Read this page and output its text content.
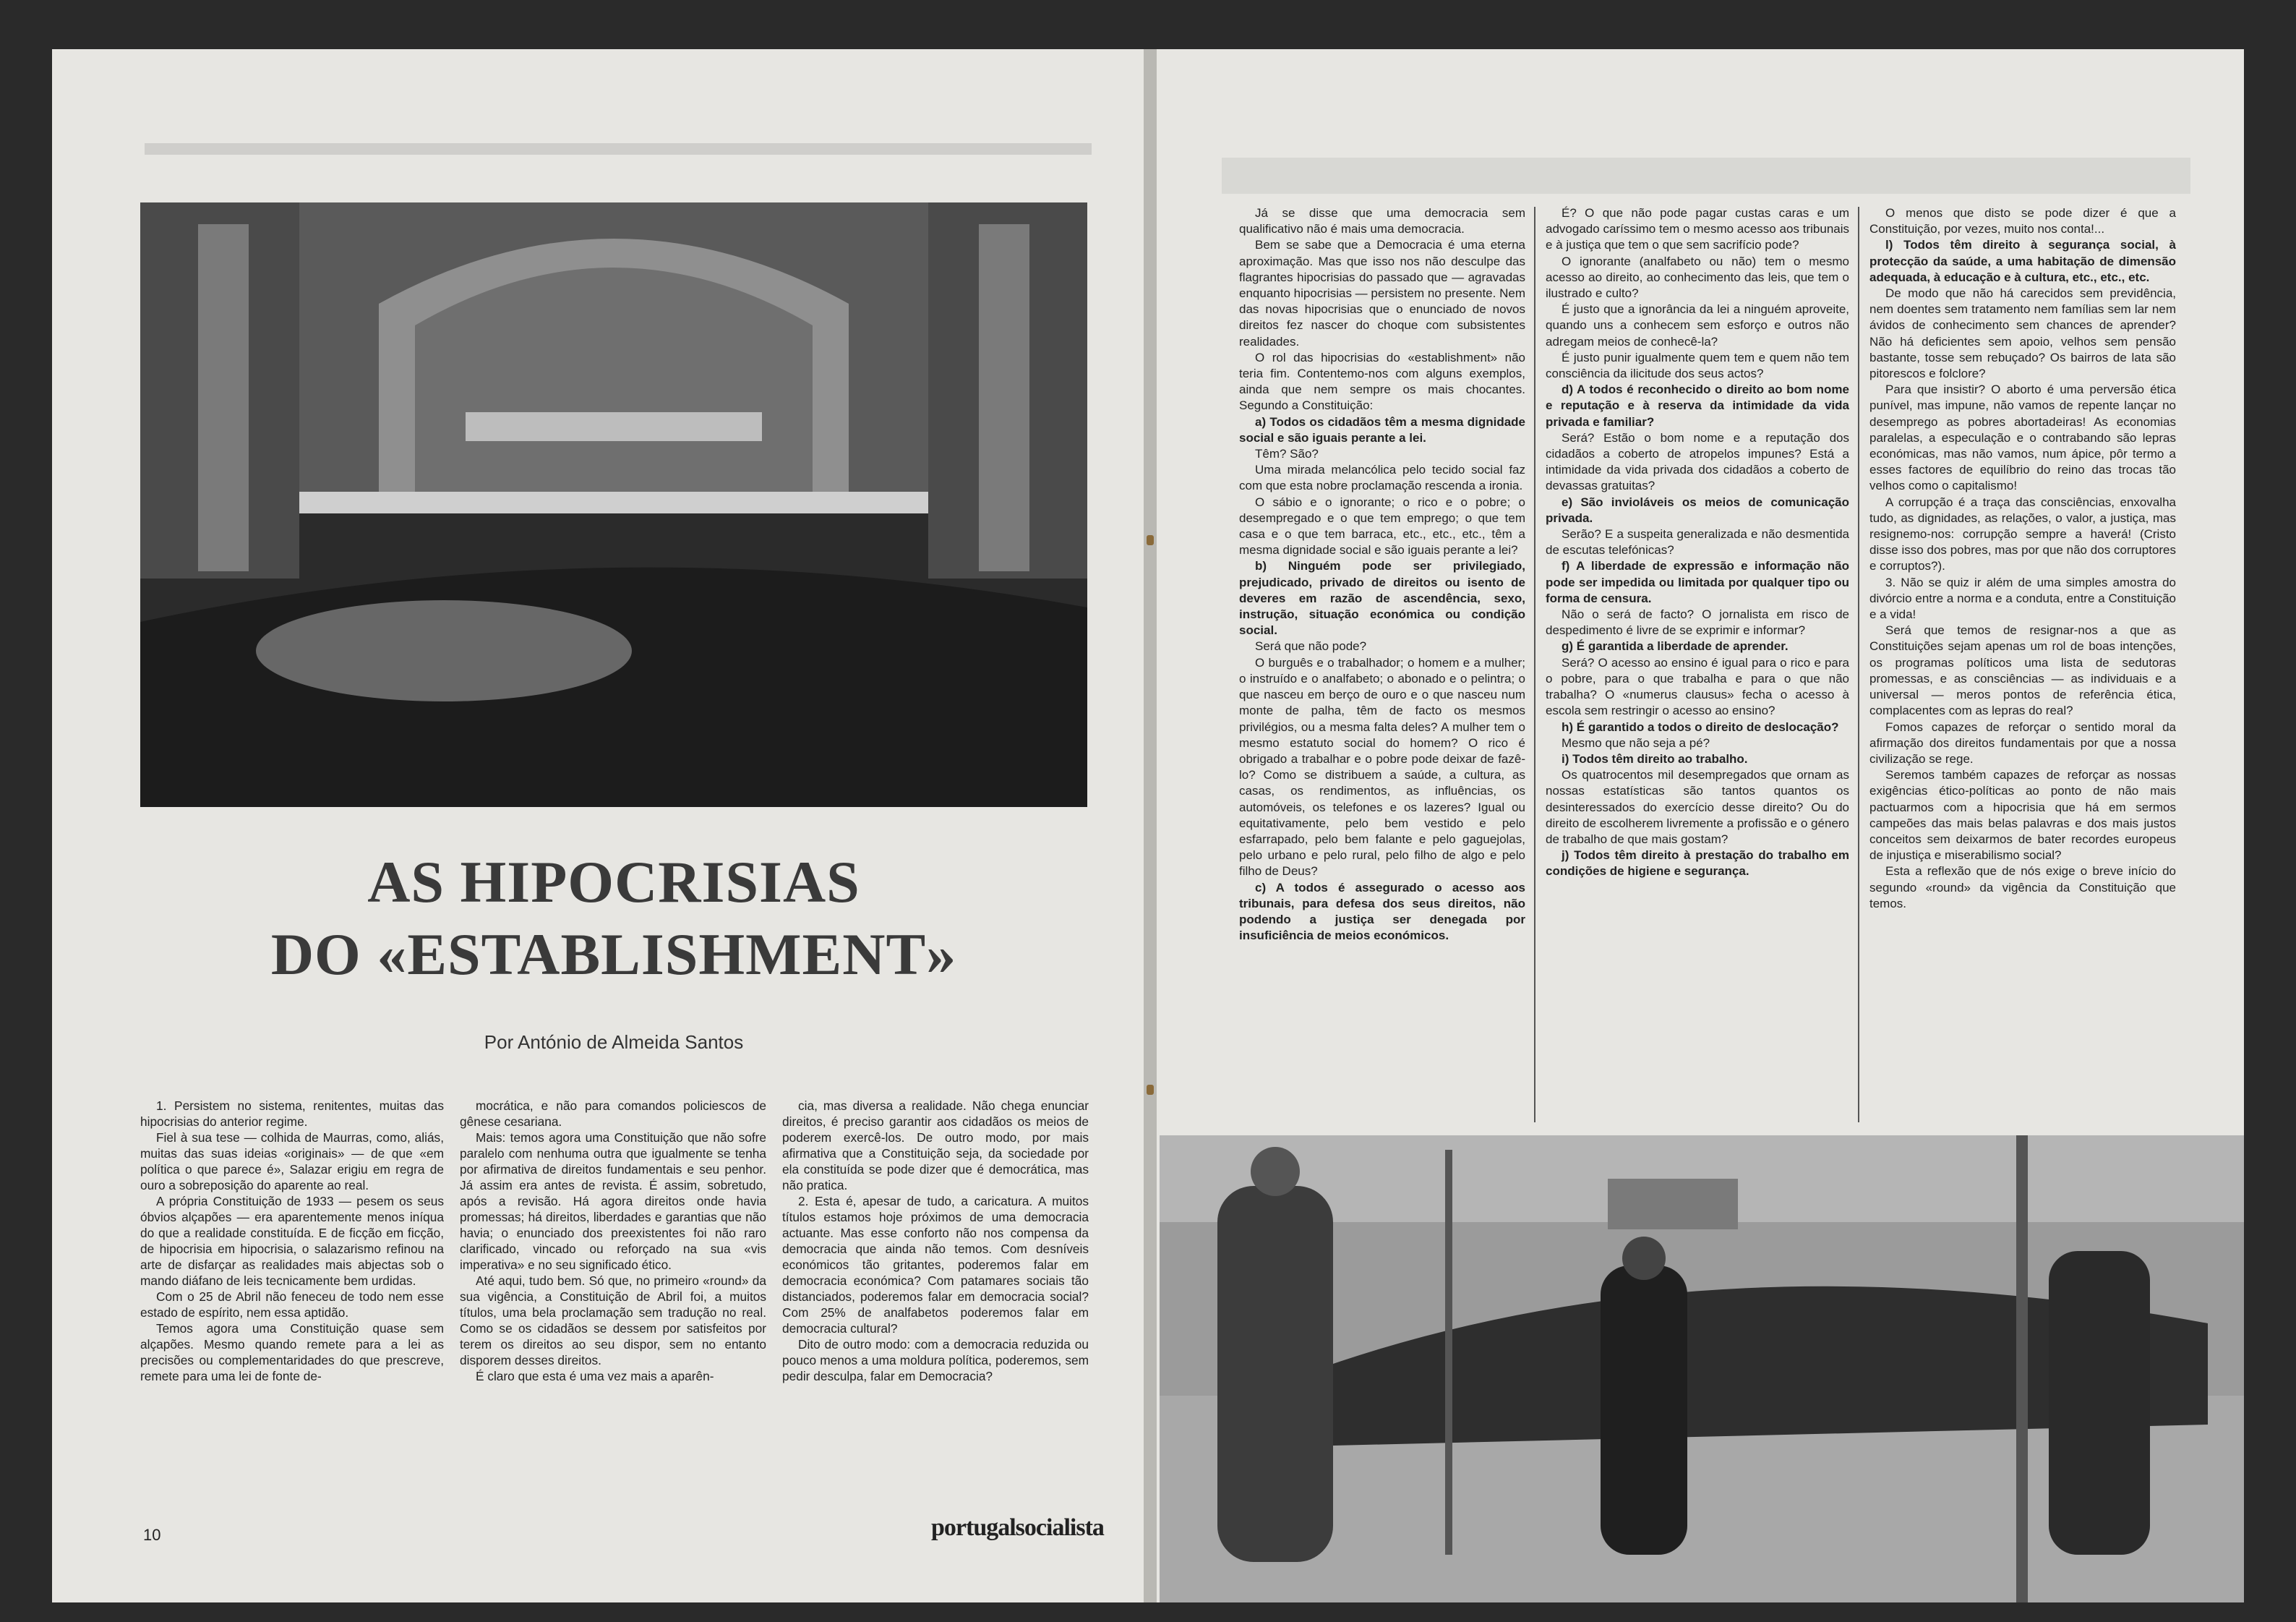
AS HIPOCRISIAS
DO «ESTABLISHMENT»
Por António de Almeida Santos

1. Persistem no sistema, renitentes, muitas das hipocrisias do anterior regime.

Fiel à sua tese — colhida de Maurras, como, aliás, muitas das suas ideias «originais» — de que «em política o que parece é», Salazar erigiu em regra de ouro a sobreposição do aparente ao real.

A própria Constituição de 1933 — pesem os seus óbvios alçapões — era aparentemente menos iníqua do que a realidade constituída. E de ficção em ficção, de hipocrisia em hipocrisia, o salazarismo refinou na arte de disfarçar as realidades mais abjectas sob o mando diáfano de leis tecnicamente bem urdidas.

Com o 25 de Abril não feneceu de todo nem esse estado de espírito, nem essa aptidão.

Temos agora uma Constituição quase sem alçapões. Mesmo quando remete para a lei as precisões ou complementaridades do que prescreve, remete para uma lei de fonte de-

mocrática, e não para comandos policiescos de gênese cesariana.

Mais: temos agora uma Constituição que não sofre paralelo com nenhuma outra que igualmente se tenha por afirmativa de direitos fundamentais e seu penhor. Já assim era antes de revista. É assim, sobretudo, após a revisão. Há agora direitos onde havia promessas; há direitos, liberdades e garantias que não havia; o enunciado dos preexistentes foi não raro clarificado, vincado ou reforçado na sua «vis imperativa» e no seu significado ético.

Até aqui, tudo bem. Só que, no primeiro «round» da sua vigência, a Constituição de Abril foi, a muitos títulos, uma bela proclamação sem tradução no real. Como se os cidadãos se dessem por satisfeitos por terem os direitos ao seu dispor, sem no entanto disporem desses direitos.

É claro que esta é uma vez mais a aparên-

cia, mas diversa a realidade. Não chega enunciar direitos, é preciso garantir aos cidadãos os meios de poderem exercê-los. De outro modo, por mais afirmativa que a Constituição seja, da sociedade por ela constituída se pode dizer que é democrática, mas não pratica.

2. Esta é, apesar de tudo, a caricatura. A muitos títulos estamos hoje próximos de uma democracia actuante. Mas esse conforto não nos compensa da democracia que ainda não temos. Com desníveis económicos tão gritantes, poderemos falar em democracia económica? Com patamares sociais tão distanciados, poderemos falar em democracia social? Com 25% de analfabetos poderemos falar em democracia cultural?

Dito de outro modo: com a democracia reduzida ou pouco menos a uma moldura política, poderemos, sem pedir desculpa, falar em Democracia?

10	portugalsocialista

Já se disse que uma democracia sem qualificativo não é mais uma democracia.

Bem se sabe que a Democracia é uma eterna aproximação. Mas que isso nos não desculpe das flagrantes hipocrisias do passado que — agravadas enquanto hipocrisias — persistem no presente. Nem das novas hipocrisias que o enunciado de novos direitos fez nascer do choque com subsistentes realidades.

O rol das hipocrisias do «establishment» não teria fim. Contentemo-nos com alguns exemplos, ainda que nem sempre os mais chocantes. Segundo a Constituição:

a) Todos os cidadãos têm a mesma dignidade social e são iguais perante a lei.

Têm? São?

Uma mirada melancólica pelo tecido social faz com que esta nobre proclamação rescenda a ironia.

O sábio e o ignorante; o rico e o pobre; o desempregado e o que tem emprego; o que tem casa e o que tem barraca, etc., etc., etc., têm a mesma dignidade social e são iguais perante a lei?

b) Ninguém pode ser privilegiado, prejudicado, privado de direitos ou isento de deveres em razão de ascendência, sexo, instrução, situação económica ou condição social.

Será que não pode?

O burguês e o trabalhador; o homem e a mulher; o instruído e o analfabeto; o abonado e o pelintra; o que nasceu em berço de ouro e o que nasceu num monte de palha, têm de facto os mesmos privilégios, ou a mesma falta deles? A mulher tem o mesmo estatuto social do homem? O rico é obrigado a trabalhar e o pobre pode deixar de fazê-lo? Como se distribuem a saúde, a cultura, as casas, os rendimentos, as influências, os automóveis, os telefones e os lazeres? Igual ou equitativamente, pelo bem vestido e pelo esfarrapado, pelo bem falante e pelo gaguejolas, pelo urbano e pelo rural, pelo filho de algo e pelo filho de Deus?

c) A todos é assegurado o acesso aos tribunais, para defesa dos seus direitos, não podendo a justiça ser denegada por insuficiência de meios económicos.

É? O que não pode pagar custas caras e um advogado caríssimo tem o mesmo acesso aos tribunais e à justiça que tem o que sem sacrifício pode?

O ignorante (analfabeto ou não) tem o mesmo acesso ao direito, ao conhecimento das leis, que tem o ilustrado e culto?

É justo que a ignorância da lei a ninguém aproveite, quando uns a conhecem sem esforço e outros não adregam meios de conhecê-la?

É justo punir igualmente quem tem e quem não tem consciência da ilicitude dos seus actos?

d) A todos é reconhecido o direito ao bom nome e reputação e à reserva da intimidade da vida privada e familiar?

Será? Estão o bom nome e a reputação dos cidadãos a coberto de atropelos impunes? Está a intimidade da vida privada dos cidadãos a coberto de devassas gratuitas?

e) São invioláveis os meios de comunicação privada.

Serão? E a suspeita generalizada e não desmentida de escutas telefónicas?

f) A liberdade de expressão e informação não pode ser impedida ou limitada por qualquer tipo ou forma de censura.

Não o será de facto? O jornalista em risco de despedimento é livre de se exprimir e informar?

g) É garantida a liberdade de aprender.

Será? O acesso ao ensino é igual para o rico e para o pobre, para o que trabalha e para o que não trabalha? O «numerus clausus» fecha o acesso à escola sem restringir o acesso ao ensino?

h) É garantido a todos o direito de deslocação?

Mesmo que não seja a pé?

i) Todos têm direito ao trabalho.

Os quatrocentos mil desempregados que ornam as nossas estatísticas são tantos quantos os desinteressados do exercício desse direito? Ou do direito de escolherem livremente a profissão e o género de trabalho de que mais gostam?

j) Todos têm direito à prestação do trabalho em condições de higiene e segurança.

O menos que disto se pode dizer é que a Constituição, por vezes, muito nos conta!...

l) Todos têm direito à segurança social, à protecção da saúde, a uma habitação de dimensão adequada, à educação e à cultura, etc., etc., etc.

De modo que não há carecidos sem previdência, nem doentes sem tratamento nem famílias sem lar nem ávidos de conhecimento sem chances de aprender? Não há deficientes sem apoio, velhos sem pensão bastante, tosse sem rebuçado? Os bairros de lata são pitorescos e folclore?

Para que insistir? O aborto é uma perversão ética punível, mas impune, não vamos de repente lançar no desemprego as pobres abortadeiras! As economias paralelas, a especulação e o contrabando são lepras económicas, mas não vamos, num ápice, pôr termo a esses factores de equilíbrio do reino das trocas tão velhos como o capitalismo!

A corrupção é a traça das consciências, enxovalha tudo, as dignidades, as relações, o valor, a justiça, mas resignemo-nos: corrupção sempre a haverá! (Cristo disse isso dos pobres, mas por que não dos corruptores e corruptos?).

3. Não se quiz ir além de uma simples amostra do divórcio entre a norma e a conduta, entre a Constituição e a vida!

Será que temos de resignar-nos a que as Constituições sejam apenas um rol de boas intenções, os programas políticos uma lista de sedutoras promessas, e as consciências — as individuais e a universal — meros pontos de referência ética, complacentes com as lepras do real?

Fomos capazes de reforçar o sentido moral da afirmação dos direitos fundamentais por que a nossa civilização se rege.

Seremos também capazes de reforçar as nossas exigências ético-políticas ao ponto de não mais pactuarmos com a hipocrisia que há em sermos campeões das mais belas palavras e dos mais justos conceitos sem deixarmos de bater recordes europeus de injustiça e miserabilismo social?

Esta a reflexão que de nós exige o breve início do segundo «round» da vigência da Constituição que temos.
